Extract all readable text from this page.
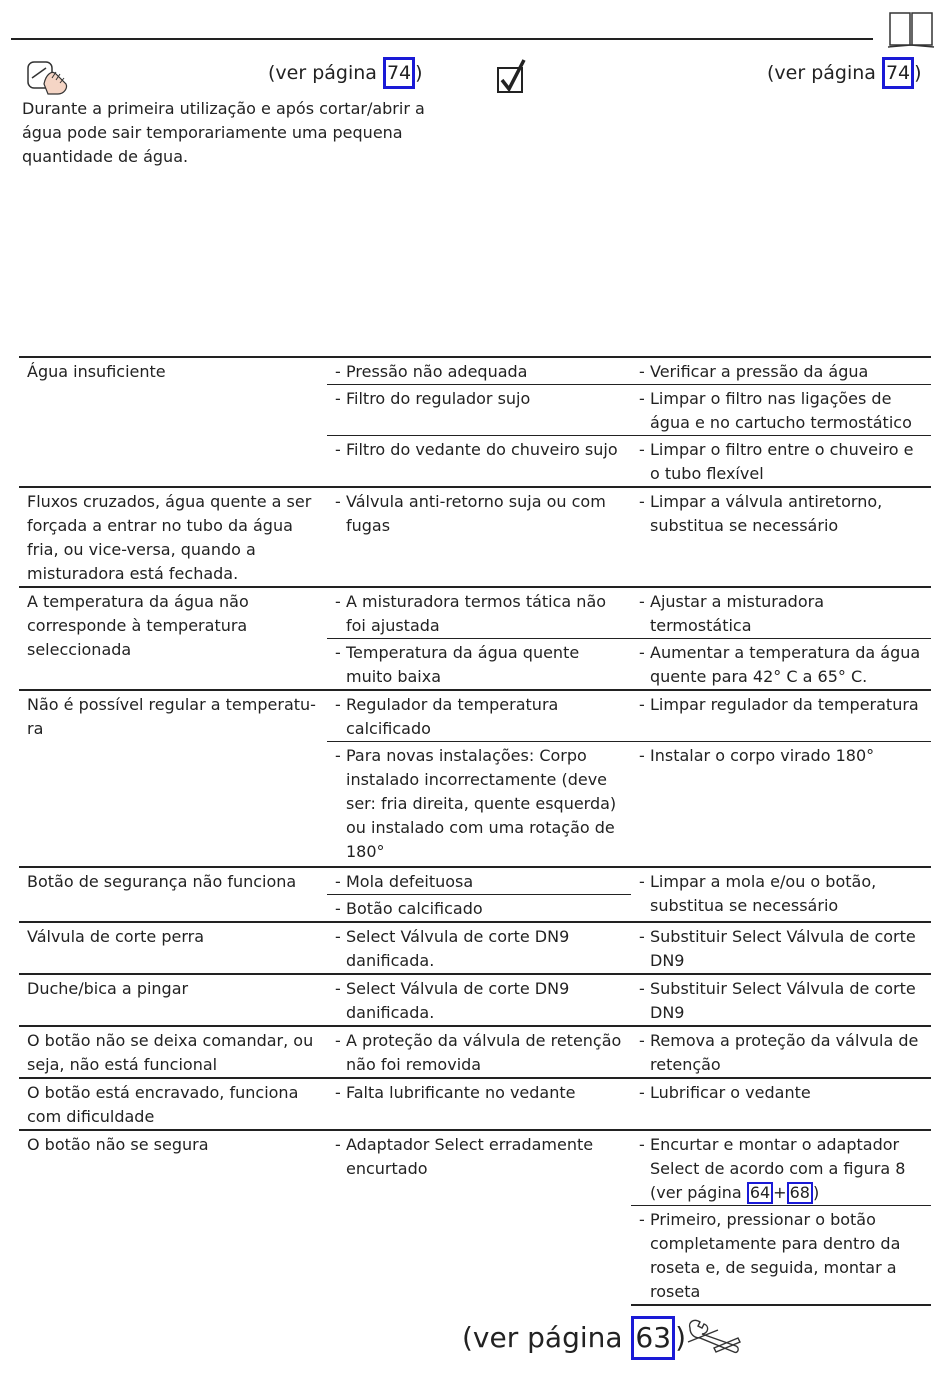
(ver página 74 )	(ver página 74 )
Durante a primeira utilização e após cortar/abrir a água pode sair temporariamente uma pequena quantidade de água.
Água insuficiente	- Pressão não adequada	- Verificar a pressão da água

	- Filtro do regulador sujo	- Limpar o filtro nas ligações de água e no cartucho termostático

	- Filtro do vedante do chuveiro sujo	- Limpar o filtro entre o chuveiro e o tubo flexível

Fluxos cruzados, água quente a ser forçada a entrar no tubo da água fria, ou vice-versa, quando a misturadora está fechada.	- Válvula anti-retorno suja ou com fugas	- Limpar a válvula antiretorno, substitua se necessário

A temperatura da água não corresponde à temperatura seleccionada	- A misturadora termos tática não foi ajustada	- Ajustar a misturadora termostática

	- Temperatura da água quente muito baixa	- Aumentar a temperatura da água quente para 42° C a 65° C.

Não é possível regular a temperatu-ra	- Regulador da temperatura calcificado	- Limpar regulador da temperatura

	- Para novas instalações: Corpo instalado incorrectamente (deve ser: fria direita, quente esquerda) ou instalado com uma rotação de 180°	- Instalar o corpo virado 180°

Botão de segurança não funciona	- Mola defeituosa	- Limpar a mola e/ou o botão, substitua se necessário

	- Botão calcificado

Válvula de corte perra	- Select Válvula de corte DN9 danificada.	- Substituir Select Válvula de corte DN9

Duche/bica a pingar	- Select Válvula de corte DN9 danificada.	- Substituir Select Válvula de corte DN9

O botão não se deixa comandar, ou seja, não está funcional	- A proteção da válvula de retenção não foi removida	- Remova a proteção da válvula de retenção

O botão está encravado, funciona com dificuldade	- Falta lubrificante no vedante	- Lubrificar o vedante

O botão não se segura	- Adaptador Select erradamente encurtado	- Encurtar e montar o adaptador Select de acordo com a figura 8 (ver página 64 + 68 )

		- Primeiro, pressionar o botão completamente para dentro da roseta e, de seguida, montar a roseta
(ver página 63 )
